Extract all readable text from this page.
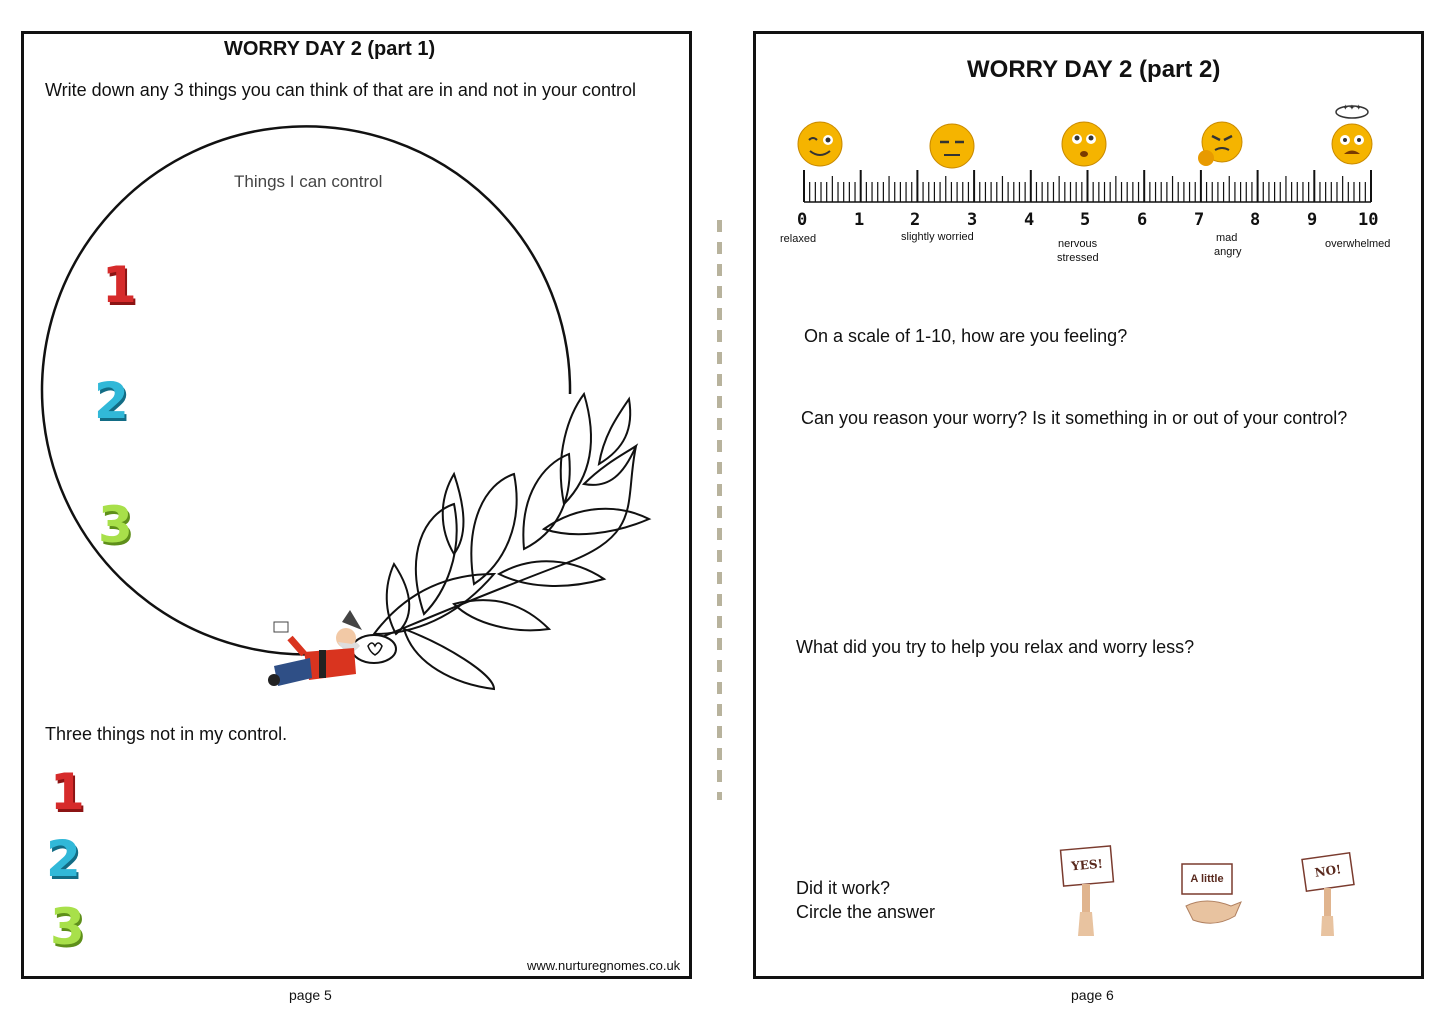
WORRY DAY 2 (part 1)
Write down any 3 things you can think of that are in and not in your control
Things I can control
1
2
3
Three things not in my control.
1
2
3
www.nurturegnomes.co.uk
page 5
WORRY DAY 2 (part 2)
✦✦✦
0	1	2	3	4	5	6	7	8	9 10
relaxed	slightly worried
nervous
stressed
mad
angry
overwhelmed
On a scale of 1-10, how are you feeling?
Can you reason your worry? Is it something in or out of your control?
What did you try to help you relax and worry less?
Did it work?
Circle the answer
YES!
A little	NO!
page 6
